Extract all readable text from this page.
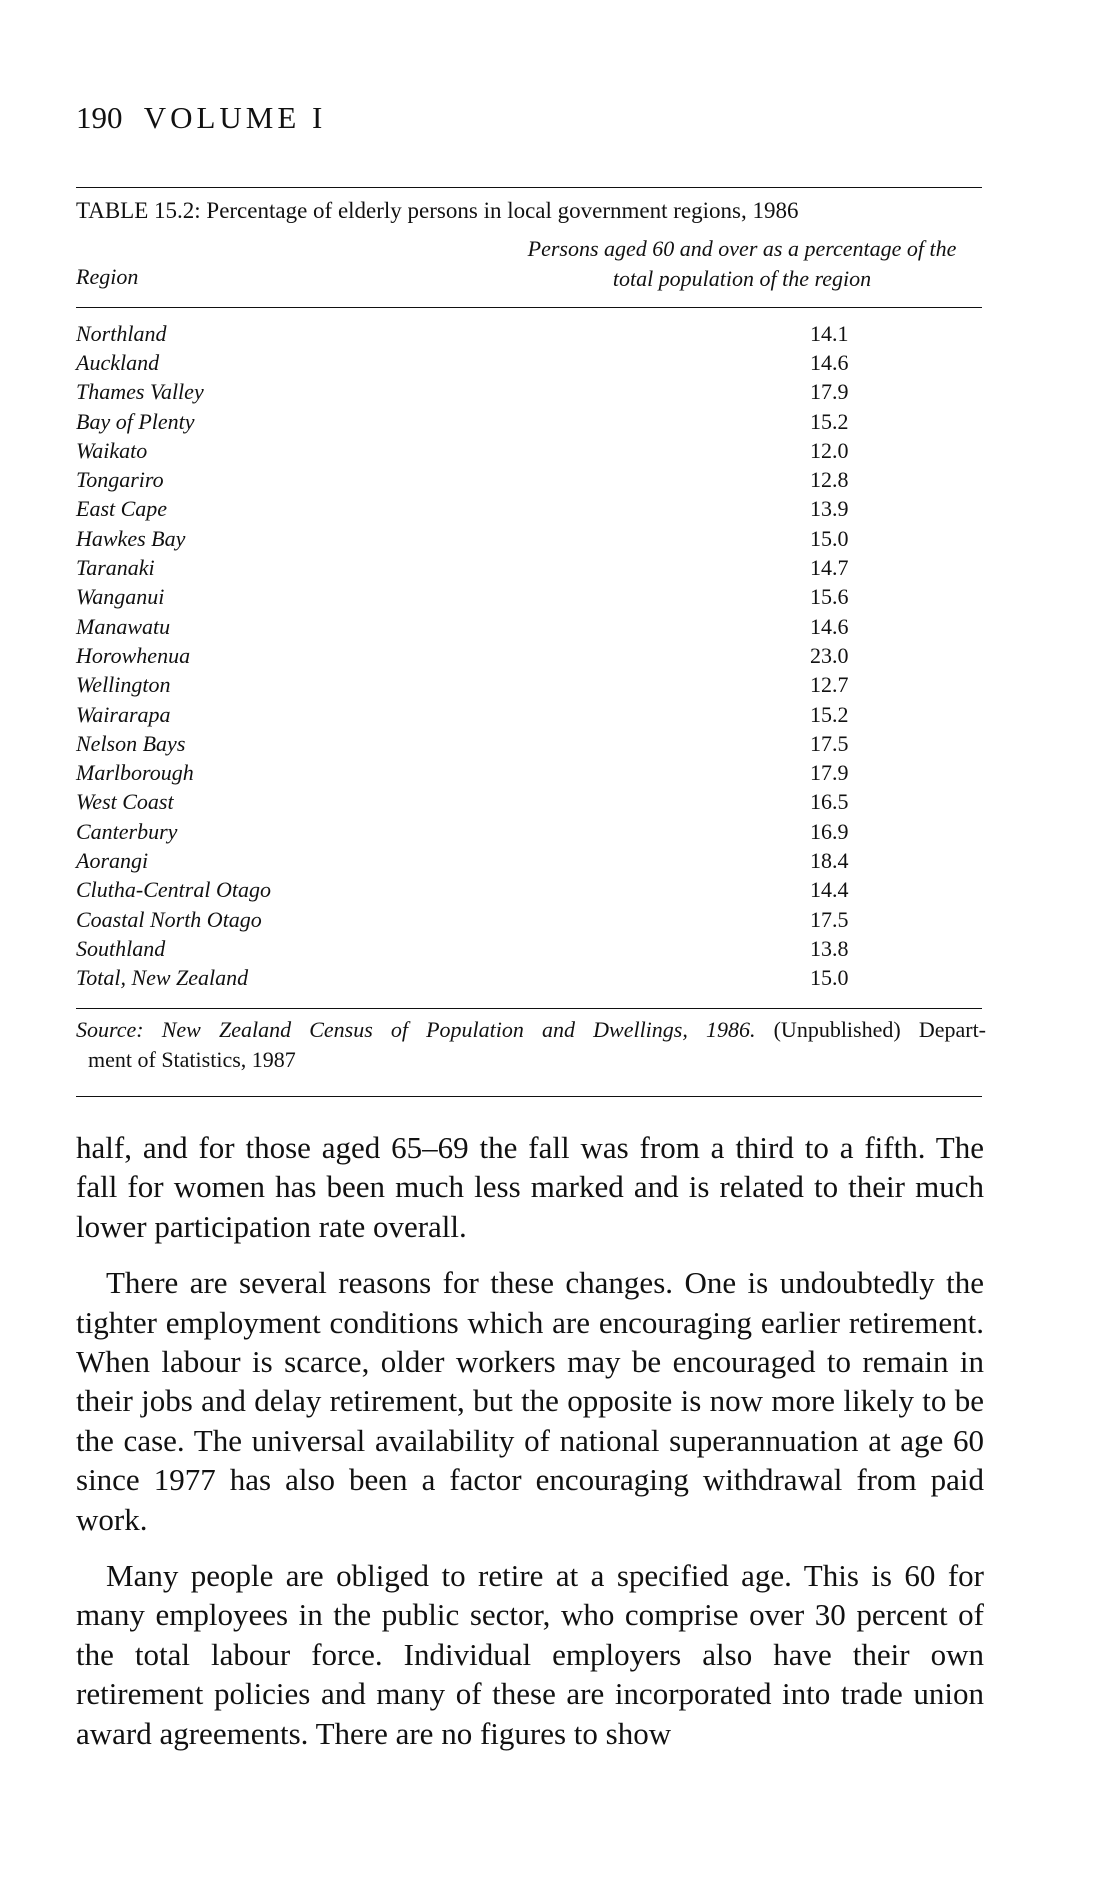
190 VOLUME I
TABLE 15.2: Percentage of elderly persons in local government regions, 1986
Persons aged 60 and over as a percentage of the
total population of the region
Region
Northland	14.1
Auckland	14.6
Thames Valley	17.9
Bay of Plenty	15.2
Waikato	12.0
Tongariro	12.8
East Cape	13.9
Hawkes Bay	15.0
Taranaki	14.7
Wanganui	15.6
Manawatu	14.6
Horowhenua	23.0
Wellington	12.7
Wairarapa	15.2
Nelson Bays	17.5
Marlborough	17.9
West Coast	16.5
Canterbury	16.9
Aorangi	18.4
Clutha-Central Otago	14.4
Coastal North Otago	17.5
Southland	13.8
Total, New Zealand	15.0
Source: New Zealand Census of Population and Dwellings, 1986. (Unpublished) Depart-
ment of Statistics, 1987

half, and for those aged 65–69 the fall was from a third to a fifth. The fall for women has been much less marked and is related to their much lower participation rate overall.

There are several reasons for these changes. One is undoubtedly the tighter employment conditions which are encouraging earlier retirement. When labour is scarce, older workers may be encouraged to remain in their jobs and delay retirement, but the opposite is now more likely to be the case. The universal availability of national superannuation at age 60 since 1977 has also been a factor encouraging withdrawal from paid work.

Many people are obliged to retire at a specified age. This is 60 for many employees in the public sector, who comprise over 30 percent of the total labour force. Individual employers also have their own retirement policies and many of these are incorporated into trade union award agreements. There are no figures to show
